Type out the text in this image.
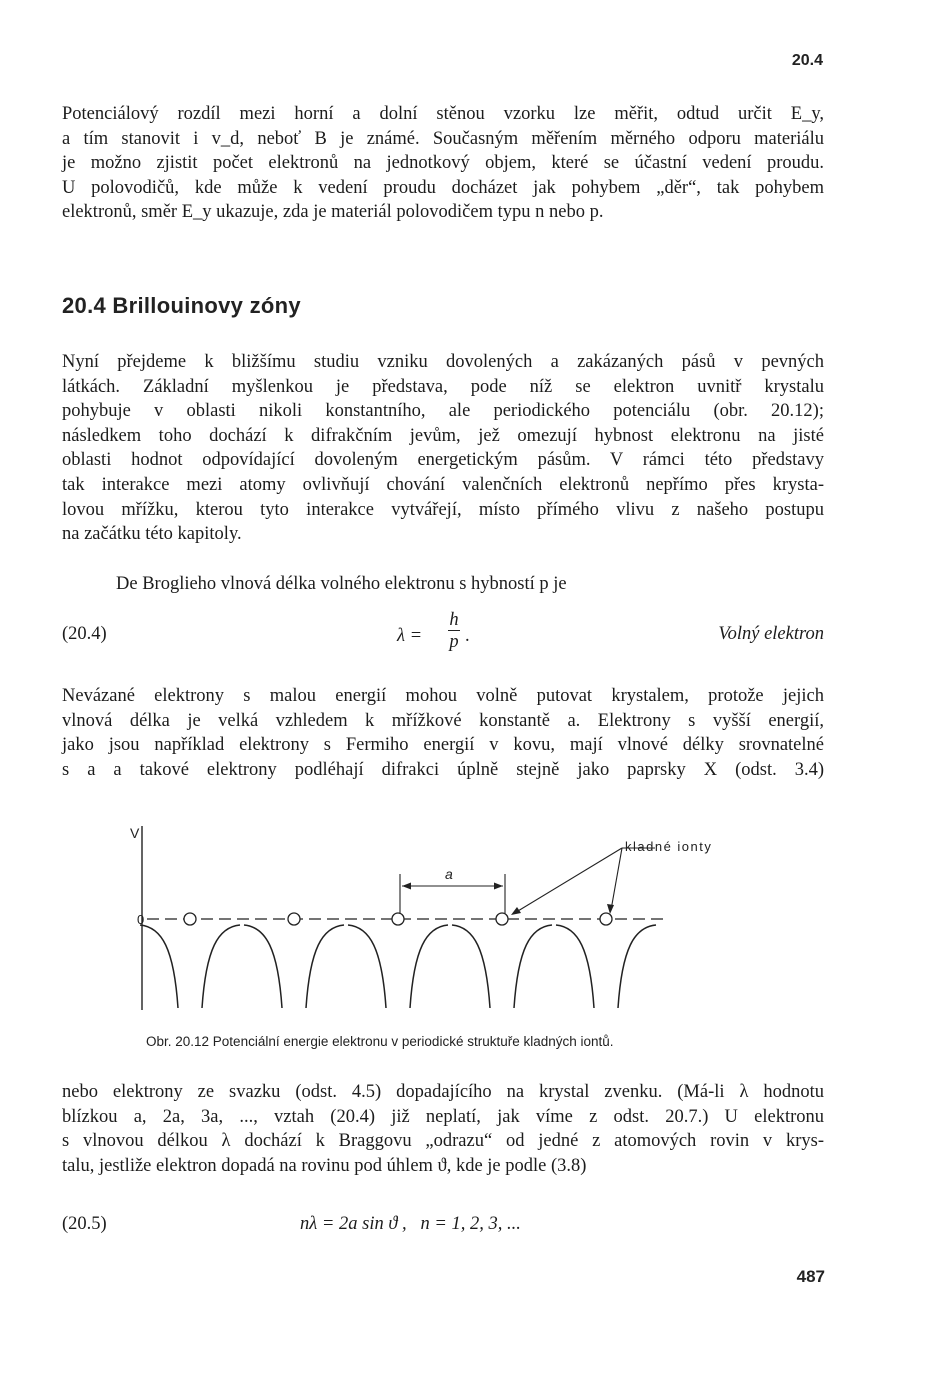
20.4
Potenciálový rozdíl mezi horní a dolní stěnou vzorku lze měřit, odtud určit E_y,
a tím stanovit i v_d, neboť B je známé. Současným měřením měrného odporu materiálu
je možno zjistit počet elektronů na jednotkový objem, které se účastní vedení proudu.
U polovodičů, kde může k vedení proudu docházet jak pohybem „děr“, tak pohybem
elektronů, směr E_y ukazuje, zda je materiál polovodičem typu n nebo p.
20.4 Brillouinovy zóny
Nyní přejdeme k bližšímu studiu vzniku dovolených a zakázaných pásů v pevných
látkách. Základní myšlenkou je představa, pode níž se elektron uvnitř krystalu
pohybuje v oblasti nikoli konstantního, ale periodického potenciálu (obr. 20.12);
následkem toho dochází k difrakčním jevům, jež omezují hybnost elektronu na jisté
oblasti hodnot odpovídající dovoleným energetickým pásům. V rámci této představy
tak interakce mezi atomy ovlivňují chování valenčních elektronů nepřímo přes krysta-
lovou mřížku, kterou tyto interakce vytvářejí, místo přímého vlivu z našeho postupu
na začátku této kapitoly.
De Broglieho vlnová délka volného elektronu s hybností p je
(20.4)	λ =
h
p .	Volný elektron
Nevázané elektrony s malou energií mohou volně putovat krystalem, protože jejich
vlnová délka je velká vzhledem k mřížkové konstantě a. Elektrony s vyšší energií,
jako jsou například elektrony s Fermiho energií v kovu, mají vlnové délky srovnatelné
s a a takové elektrony podléhají difrakci úplně stejně jako paprsky X (odst. 3.4)
V
0
a
kladné ionty
Obr. 20.12 Potenciální energie elektronu v periodické struktuře kladných iontů.
nebo elektrony ze svazku (odst. 4.5) dopadajícího na krystal zvenku. (Má-li λ hodnotu
blízkou a, 2a, 3a, ..., vztah (20.4) již neplatí, jak víme z odst. 20.7.) U elektronu
s vlnovou délkou λ dochází k Braggovu „odrazu“ od jedné z atomových rovin v krys-
talu, jestliže elektron dopadá na rovinu pod úhlem ϑ, kde je podle (3.8)
(20.5)	nλ = 2a sin ϑ ,   n = 1, 2, 3, ...
487
